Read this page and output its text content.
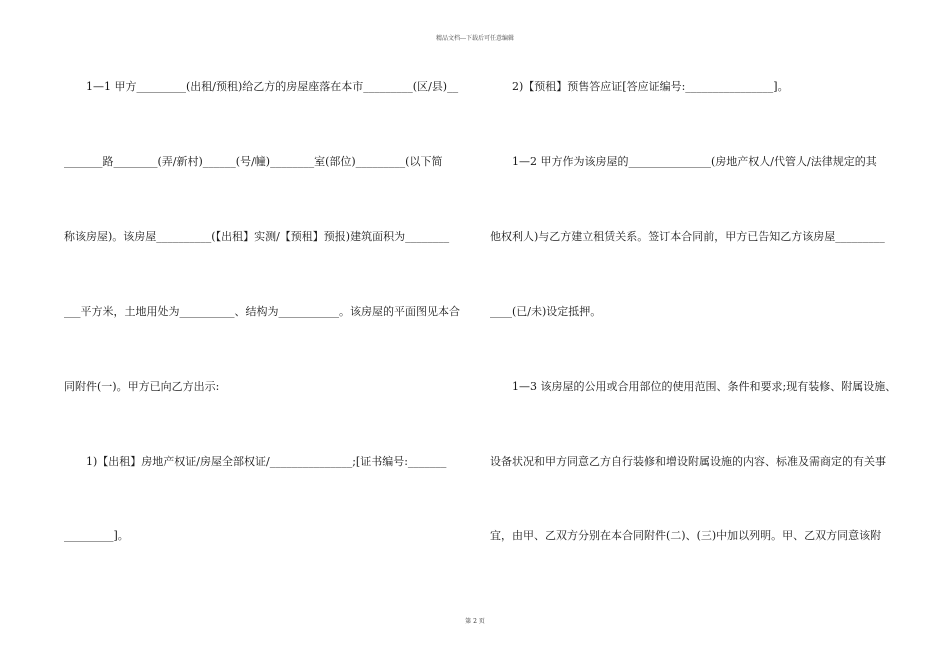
精品文档---下载后可任意编辑
1—1 甲方_________(出租/预租)给乙方的房屋座落在本市_________(区/县)__
_______路________(弄/新村)______(号/幢)________室(部位)_________(以下简
称该房屋)。该房屋__________(【出租】实测/【预租】预报)建筑面积为________
___平方米，土地用处为__________、结构为___________。该房屋的平面图见本合
同附件(一)。甲方已向乙方出示:
1)【出租】房地产权证/房屋全部权证/_______________;[证书编号:_______
_________]。
2)【预租】预售答应证[答应证编号:________________]。
1—2 甲方作为该房屋的_______________(房地产权人/代管人/法律规定的其
他权利人)与乙方建立租赁关系。签订本合同前，甲方已告知乙方该房屋_________
____(已/未)设定抵押。
1—3 该房屋的公用或合用部位的使用范围、条件和要求;现有装修、附属设施、
设备状况和甲方同意乙方自行装修和增设附属设施的内容、标准及需商定的有关事
宜，由甲、乙双方分别在本合同附件(二)、(三)中加以列明。甲、乙双方同意该附
第 2 页
